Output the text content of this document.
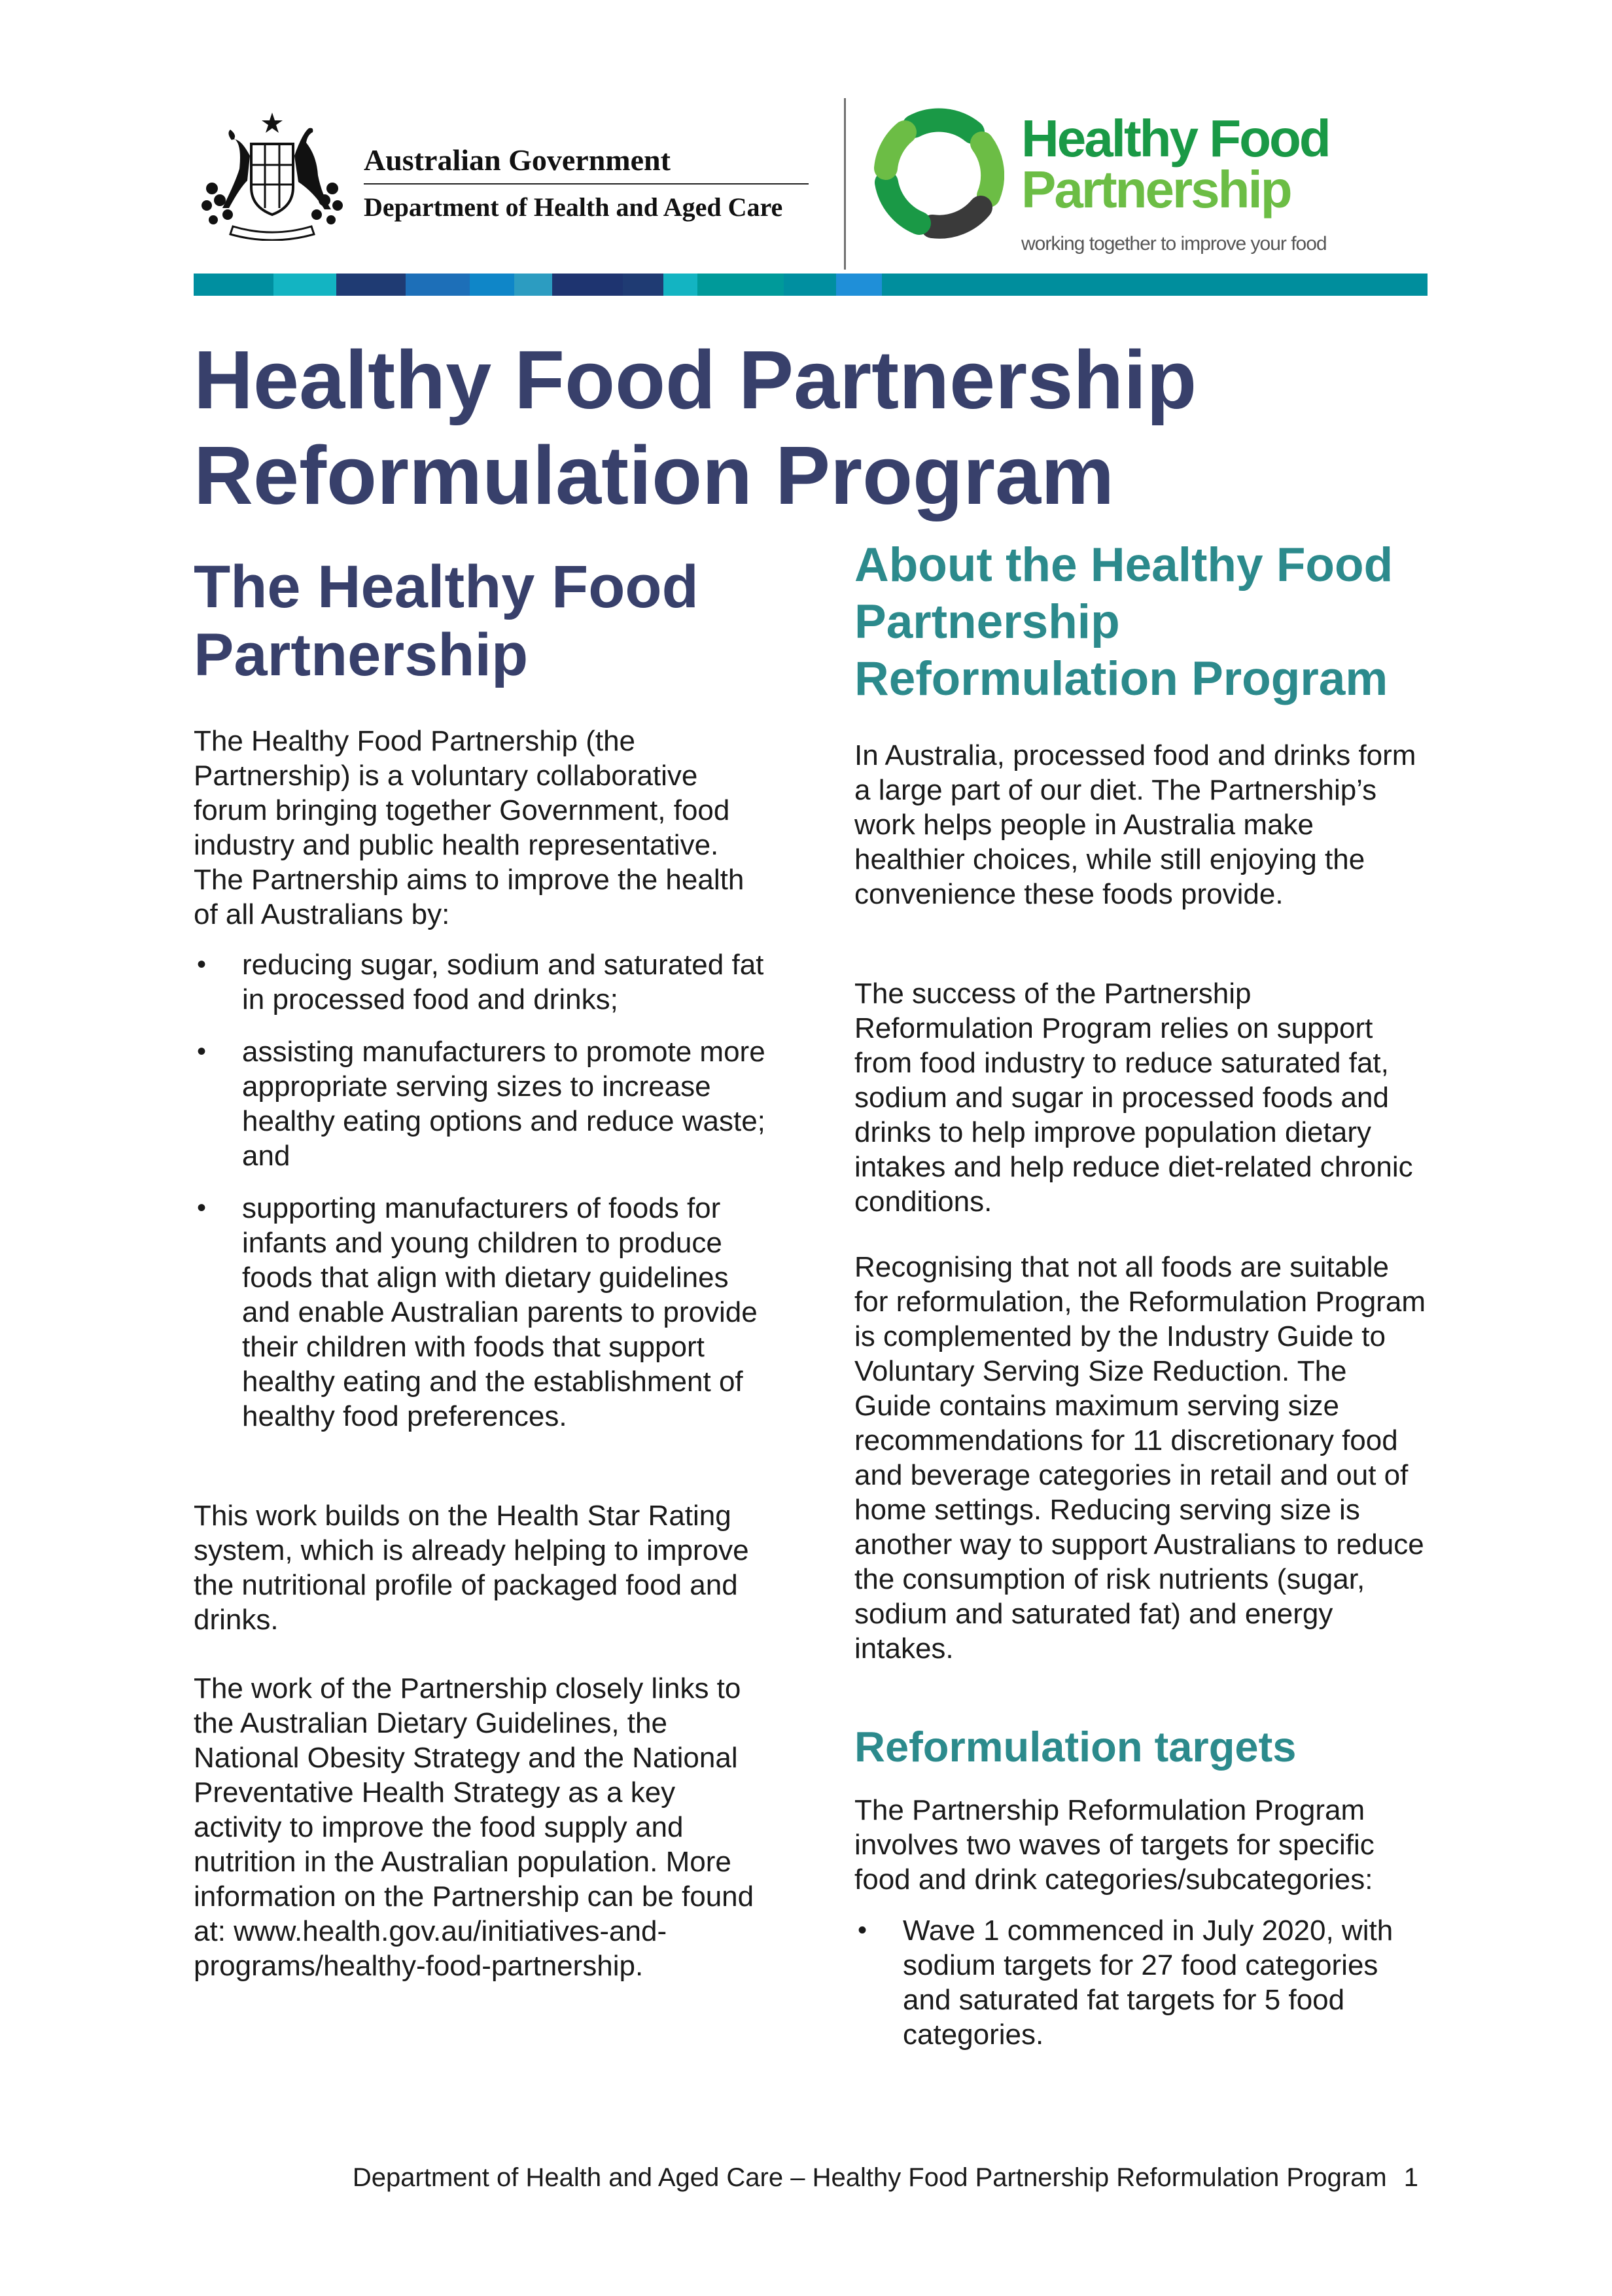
Australian Government
Department of Health and Aged Care
Healthy Food
Partnership
working together to improve your food
Healthy Food Partnership
Reformulation Program
The Healthy Food
Partnership

The Healthy Food Partnership (the Partnership) is a voluntary collaborative forum bringing together Government, food industry and public health representative. The Partnership aims to improve the health of all Australians by:

• reducing sugar, sodium and saturated fat in processed food and drinks;
• assisting manufacturers to promote more appropriate serving sizes to increase healthy eating options and reduce waste; and
• supporting manufacturers of foods for infants and young children to produce foods that align with dietary guidelines and enable Australian parents to provide their children with foods that support healthy eating and the establishment of healthy food preferences.

This work builds on the Health Star Rating system, which is already helping to improve the nutritional profile of packaged food and drinks.

The work of the Partnership closely links to the Australian Dietary Guidelines, the National Obesity Strategy and the National Preventative Health Strategy as a key activity to improve the food supply and nutrition in the Australian population. More information on the Partnership can be found at: www.health.gov.au/initiatives-and-programs/healthy-food-partnership.

About the Healthy Food
Partnership
Reformulation Program

In Australia, processed food and drinks form a large part of our diet. The Partnership’s work helps people in Australia make healthier choices, while still enjoying the convenience these foods provide.

The success of the Partnership Reformulation Program relies on support from food industry to reduce saturated fat, sodium and sugar in processed foods and drinks to help improve population dietary intakes and help reduce diet-related chronic conditions.

Recognising that not all foods are suitable for reformulation, the Reformulation Program is complemented by the Industry Guide to Voluntary Serving Size Reduction. The Guide contains maximum serving size recommendations for 11 discretionary food and beverage categories in retail and out of home settings. Reducing serving size is another way to support Australians to reduce the consumption of risk nutrients (sugar, sodium and saturated fat) and energy intakes.

Reformulation targets

The Partnership Reformulation Program involves two waves of targets for specific food and drink categories/subcategories:

• Wave 1 commenced in July 2020, with sodium targets for 27 food categories and saturated fat targets for 5 food categories.
Department of Health and Aged Care – Healthy Food Partnership Reformulation Program 1
